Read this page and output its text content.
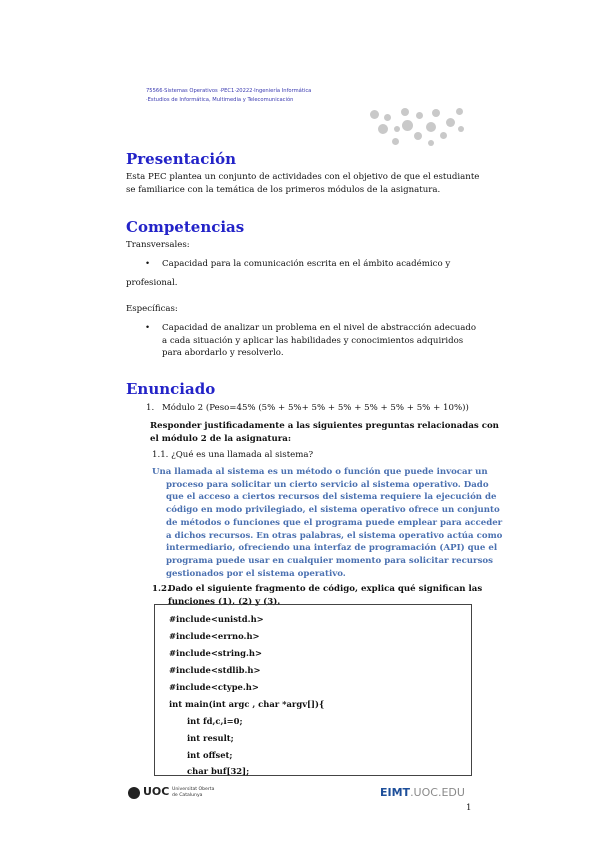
75566·Sistemas Operativos ·PEC1·20222·Ingeniería Informática
·Estudios de Informática, Multimedia y Telecomunicación
Presentación
Esta PEC plantea un conjunto de actividades con el objetivo de que el estudiante
se familiarice con la temática de los primeros módulos de la asignatura.
Competencias
Transversales:
• Capacidad para la comunicación escrita en el ámbito académico y
profesional.
Específicas:
• Capacidad de analizar un problema en el nivel de abstracción adecuado
a cada situación y aplicar las habilidades y conocimientos adquiridos
para abordarlo y resolverlo.
Enunciado
1. Módulo 2 (Peso=45% (5% + 5%+ 5% + 5% + 5% + 5% + 5% + 10%))
Responder justificadamente a las siguientes preguntas relacionadas con
el módulo 2 de la asignatura:
1.1. ¿Qué es una llamada al sistema?
Una llamada al sistema es un método o función que puede invocar un
proceso para solicitar un cierto servicio al sistema operativo. Dado
que el acceso a ciertos recursos del sistema requiere la ejecución de
código en modo privilegiado, el sistema operativo ofrece un conjunto
de métodos o funciones que el programa puede emplear para acceder
a dichos recursos. En otras palabras, el sistema operativo actúa como
intermediario, ofreciendo una interfaz de programación (API) que el
programa puede usar en cualquier momento para solicitar recursos
gestionados por el sistema operativo.
1.2.
Dado el siguiente fragmento de código, explica qué significan las
funciones (1), (2) y (3).
#include<unistd.h>
#include<errno.h>
#include<string.h>
#include<stdlib.h>
#include<ctype.h>
int main(int argc , char *argv[]){
int fd,c,i=0;
int result;
int offset;
char buf[32];
UOC Universitat Oberta
de Catalunya	EIMT.UOC.EDU
1
